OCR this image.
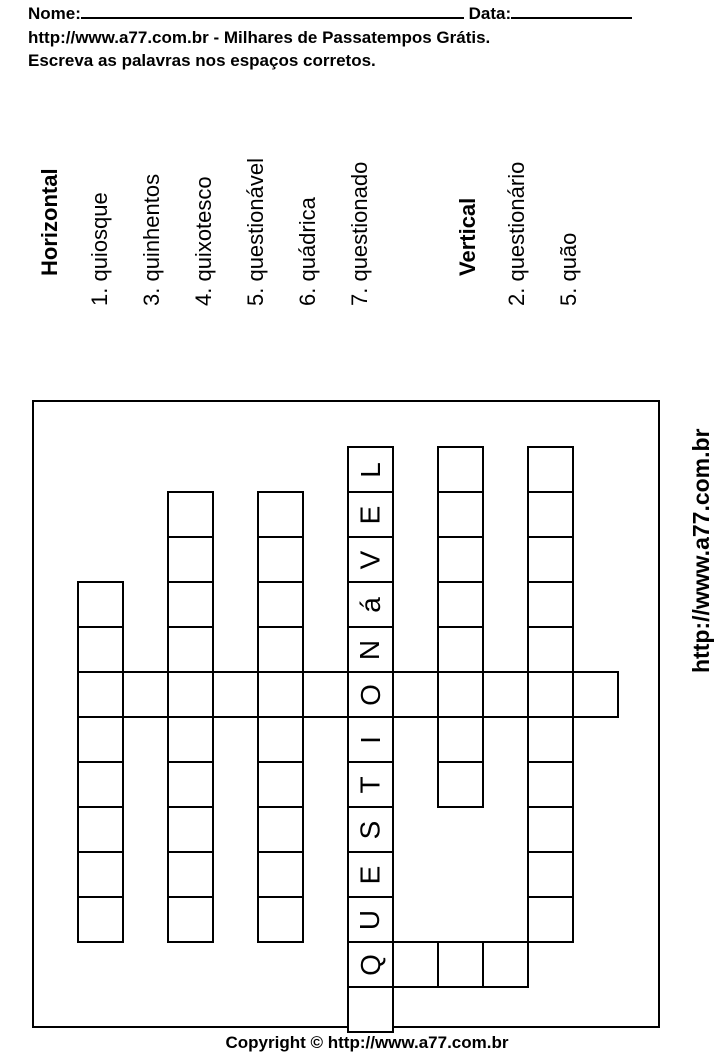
Nome:	Data:
http://www.a77.com.br - Milhares de Passatempos Grátis.
Escreva as palavras nos espaços corretos.
Horizontal 1. quiosque 3. quinhentos 4. quixotesco 5. questionável 6. quádrica 7. questionado	Vertical 2. questionário 5. quão
http://www.a77.com.br
L
E
V
á
N
O
I
T
S
E
U
Q
Copyright © http://www.a77.com.br
